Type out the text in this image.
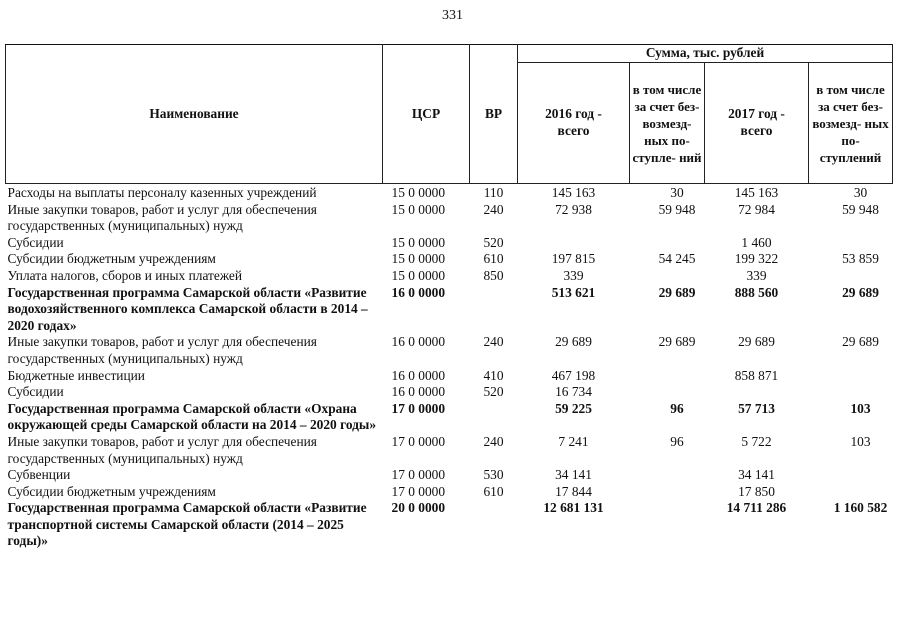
331
Наименование	ЦСР	ВР	Сумма, тыс. рублей			
			2016 год - всего	в том числе за счет без- возмезд- ных по- ступле- ний	2017 год - всего	в том числе за счет без- возмезд- ных по- ступлений
Расходы на выплаты персоналу казенных учреждений	15 0 0000	110	145 163	30	145 163	30
Иные закупки товаров, работ и услуг для обеспечения государственных (муниципальных) нужд	15 0 0000	240	72 938	59 948	72 984	59 948
Субсидии	15 0 0000	520			1 460	
Субсидии бюджетным учреждениям	15 0 0000	610	197 815	54 245	199 322	53 859
Уплата налогов, сборов и иных платежей	15 0 0000	850	339		339	
Государственная программа Самарской области «Развитие водохозяйственного комплекса Самарской области в 2014 – 2020 годах»	16 0 0000		513 621	29 689	888 560	29 689
Иные закупки товаров, работ и услуг для обеспечения государственных (муниципальных) нужд	16 0 0000	240	29 689	29 689	29 689	29 689
Бюджетные инвестиции	16 0 0000	410	467 198		858 871	
Субсидии	16 0 0000	520	16 734			
Государственная программа Самарской области «Охрана окружающей среды Самарской области на 2014 – 2020 годы»	17 0 0000		59 225	96	57 713	103
Иные закупки товаров, работ и услуг для обеспечения государственных (муниципальных) нужд	17 0 0000	240	7 241	96	5 722	103
Субвенции	17 0 0000	530	34 141		34 141	
Субсидии бюджетным учреждениям	17 0 0000	610	17 844		17 850	
Государственная программа Самарской области «Развитие транспортной системы Самарской области (2014 – 2025 годы)»	20 0 0000		12 681 131		14 711 286	1 160 582
